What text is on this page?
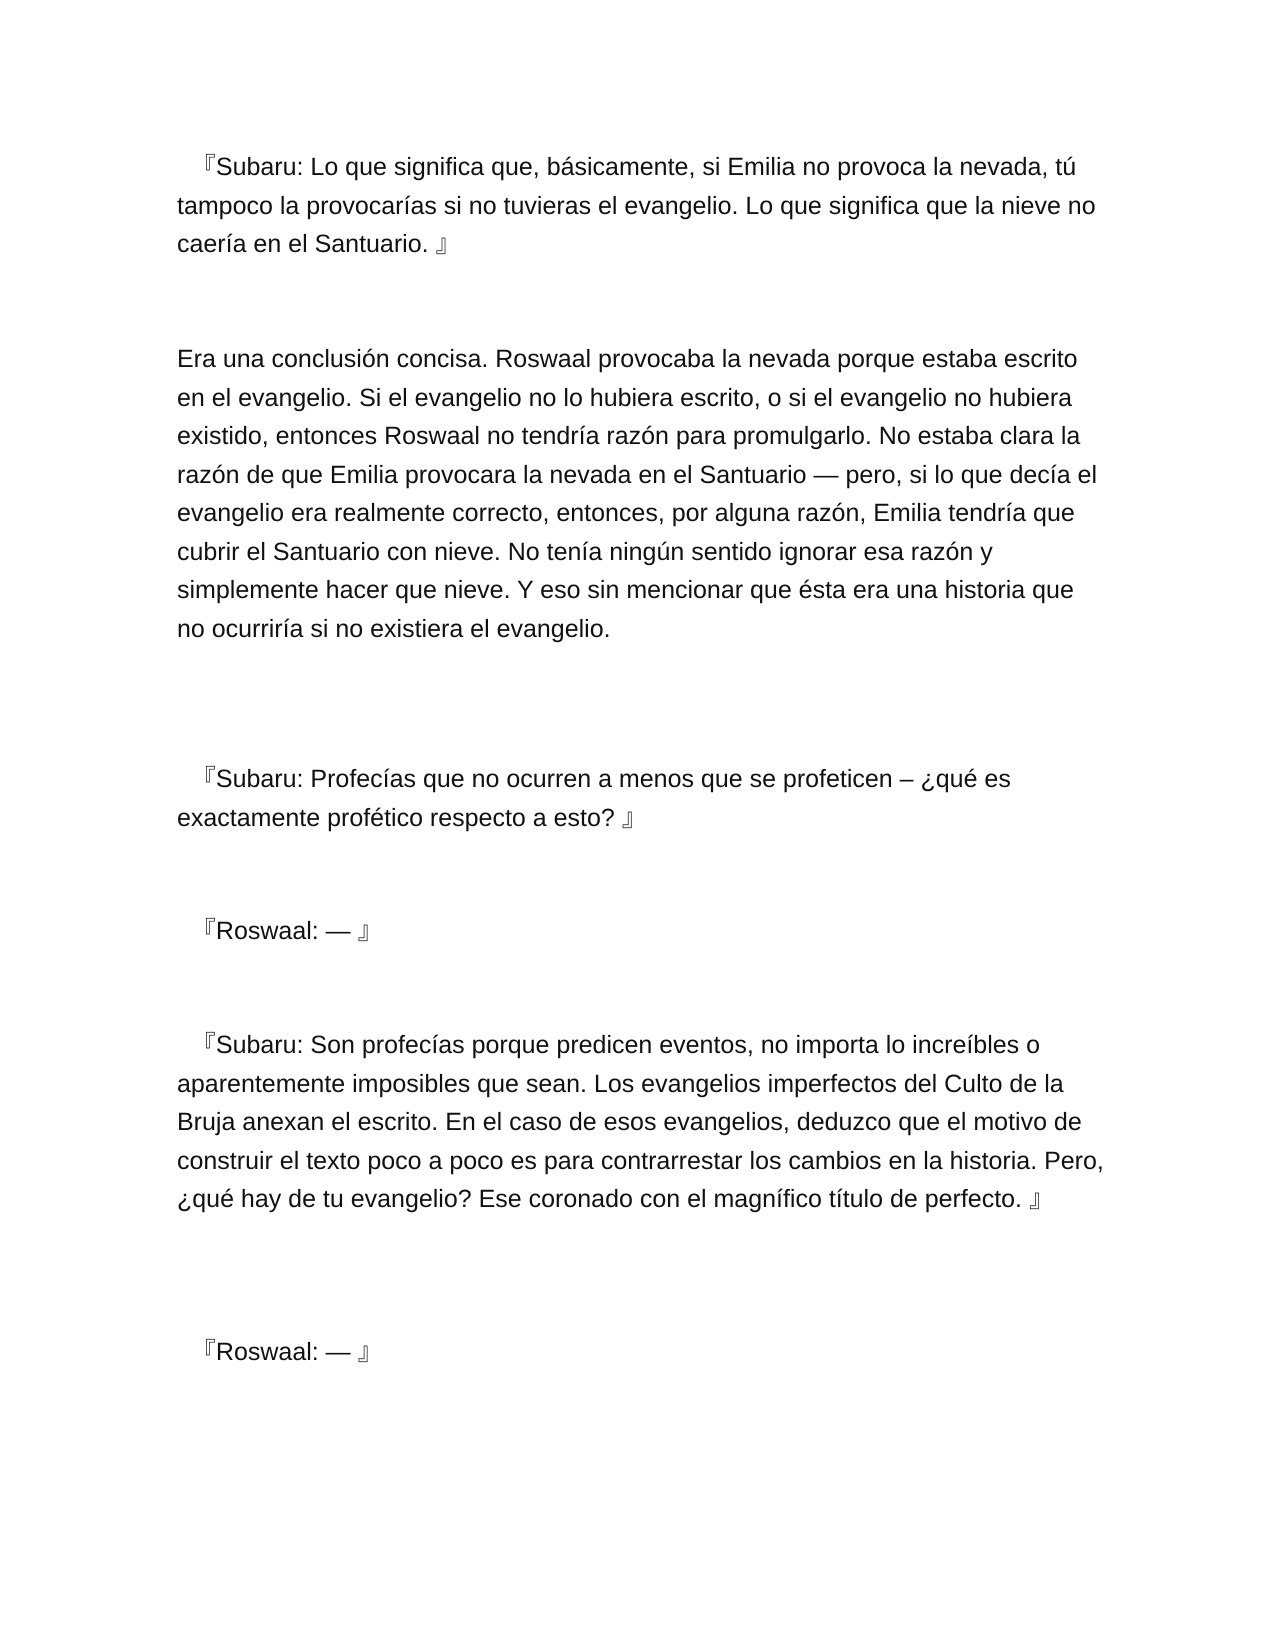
『Subaru: Lo que significa que, básicamente, si Emilia no provoca la nevada, tú tampoco la provocarías si no tuvieras el evangelio. Lo que significa que la nieve no caería en el Santuario. 』

Era una conclusión concisa. Roswaal provocaba la nevada porque estaba escrito en el evangelio. Si el evangelio no lo hubiera escrito, o si el evangelio no hubiera existido, entonces Roswaal no tendría razón para promulgarlo. No estaba clara la razón de que Emilia provocara la nevada en el Santuario — pero, si lo que decía el evangelio era realmente correcto, entonces, por alguna razón, Emilia tendría que cubrir el Santuario con nieve. No tenía ningún sentido ignorar esa razón y simplemente hacer que nieve. Y eso sin mencionar que ésta era una historia que no ocurriría si no existiera el evangelio.

『Subaru: Profecías que no ocurren a menos que se profeticen – ¿qué es exactamente profético respecto a esto? 』

『Roswaal: — 』

『Subaru: Son profecías porque predicen eventos, no importa lo increíbles o aparentemente imposibles que sean. Los evangelios imperfectos del Culto de la Bruja anexan el escrito. En el caso de esos evangelios, deduzco que el motivo de construir el texto poco a poco es para contrarrestar los cambios en la historia. Pero, ¿qué hay de tu evangelio? Ese coronado con el magnífico título de perfecto. 』

『Roswaal: — 』
